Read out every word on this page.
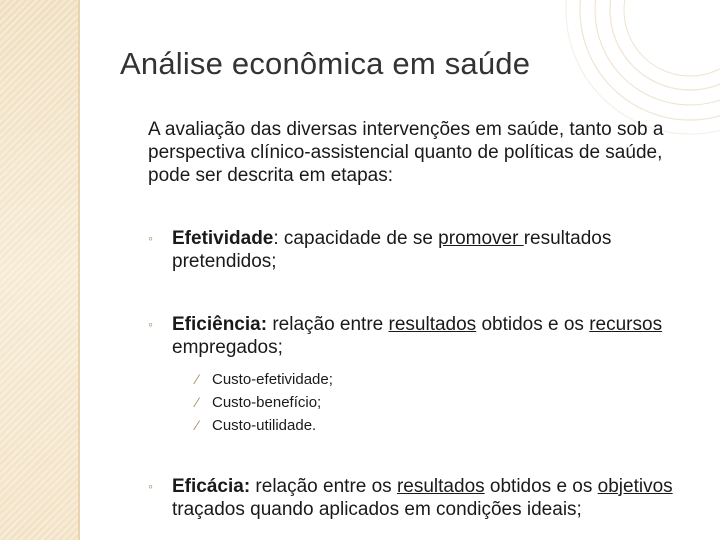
Análise econômica em saúde
A avaliação das diversas intervenções em saúde, tanto sob a perspectiva clínico-assistencial quanto de políticas de saúde, pode ser descrita em etapas:
◦ Efetividade: capacidade de se promover resultados pretendidos;
◦ Eficiência: relação entre resultados obtidos e os recursos empregados;
⁄ Custo-efetividade;
⁄ Custo-benefício;
⁄ Custo-utilidade.
◦ Eficácia: relação entre os resultados obtidos e os objetivos traçados quando aplicados em condições ideais;
